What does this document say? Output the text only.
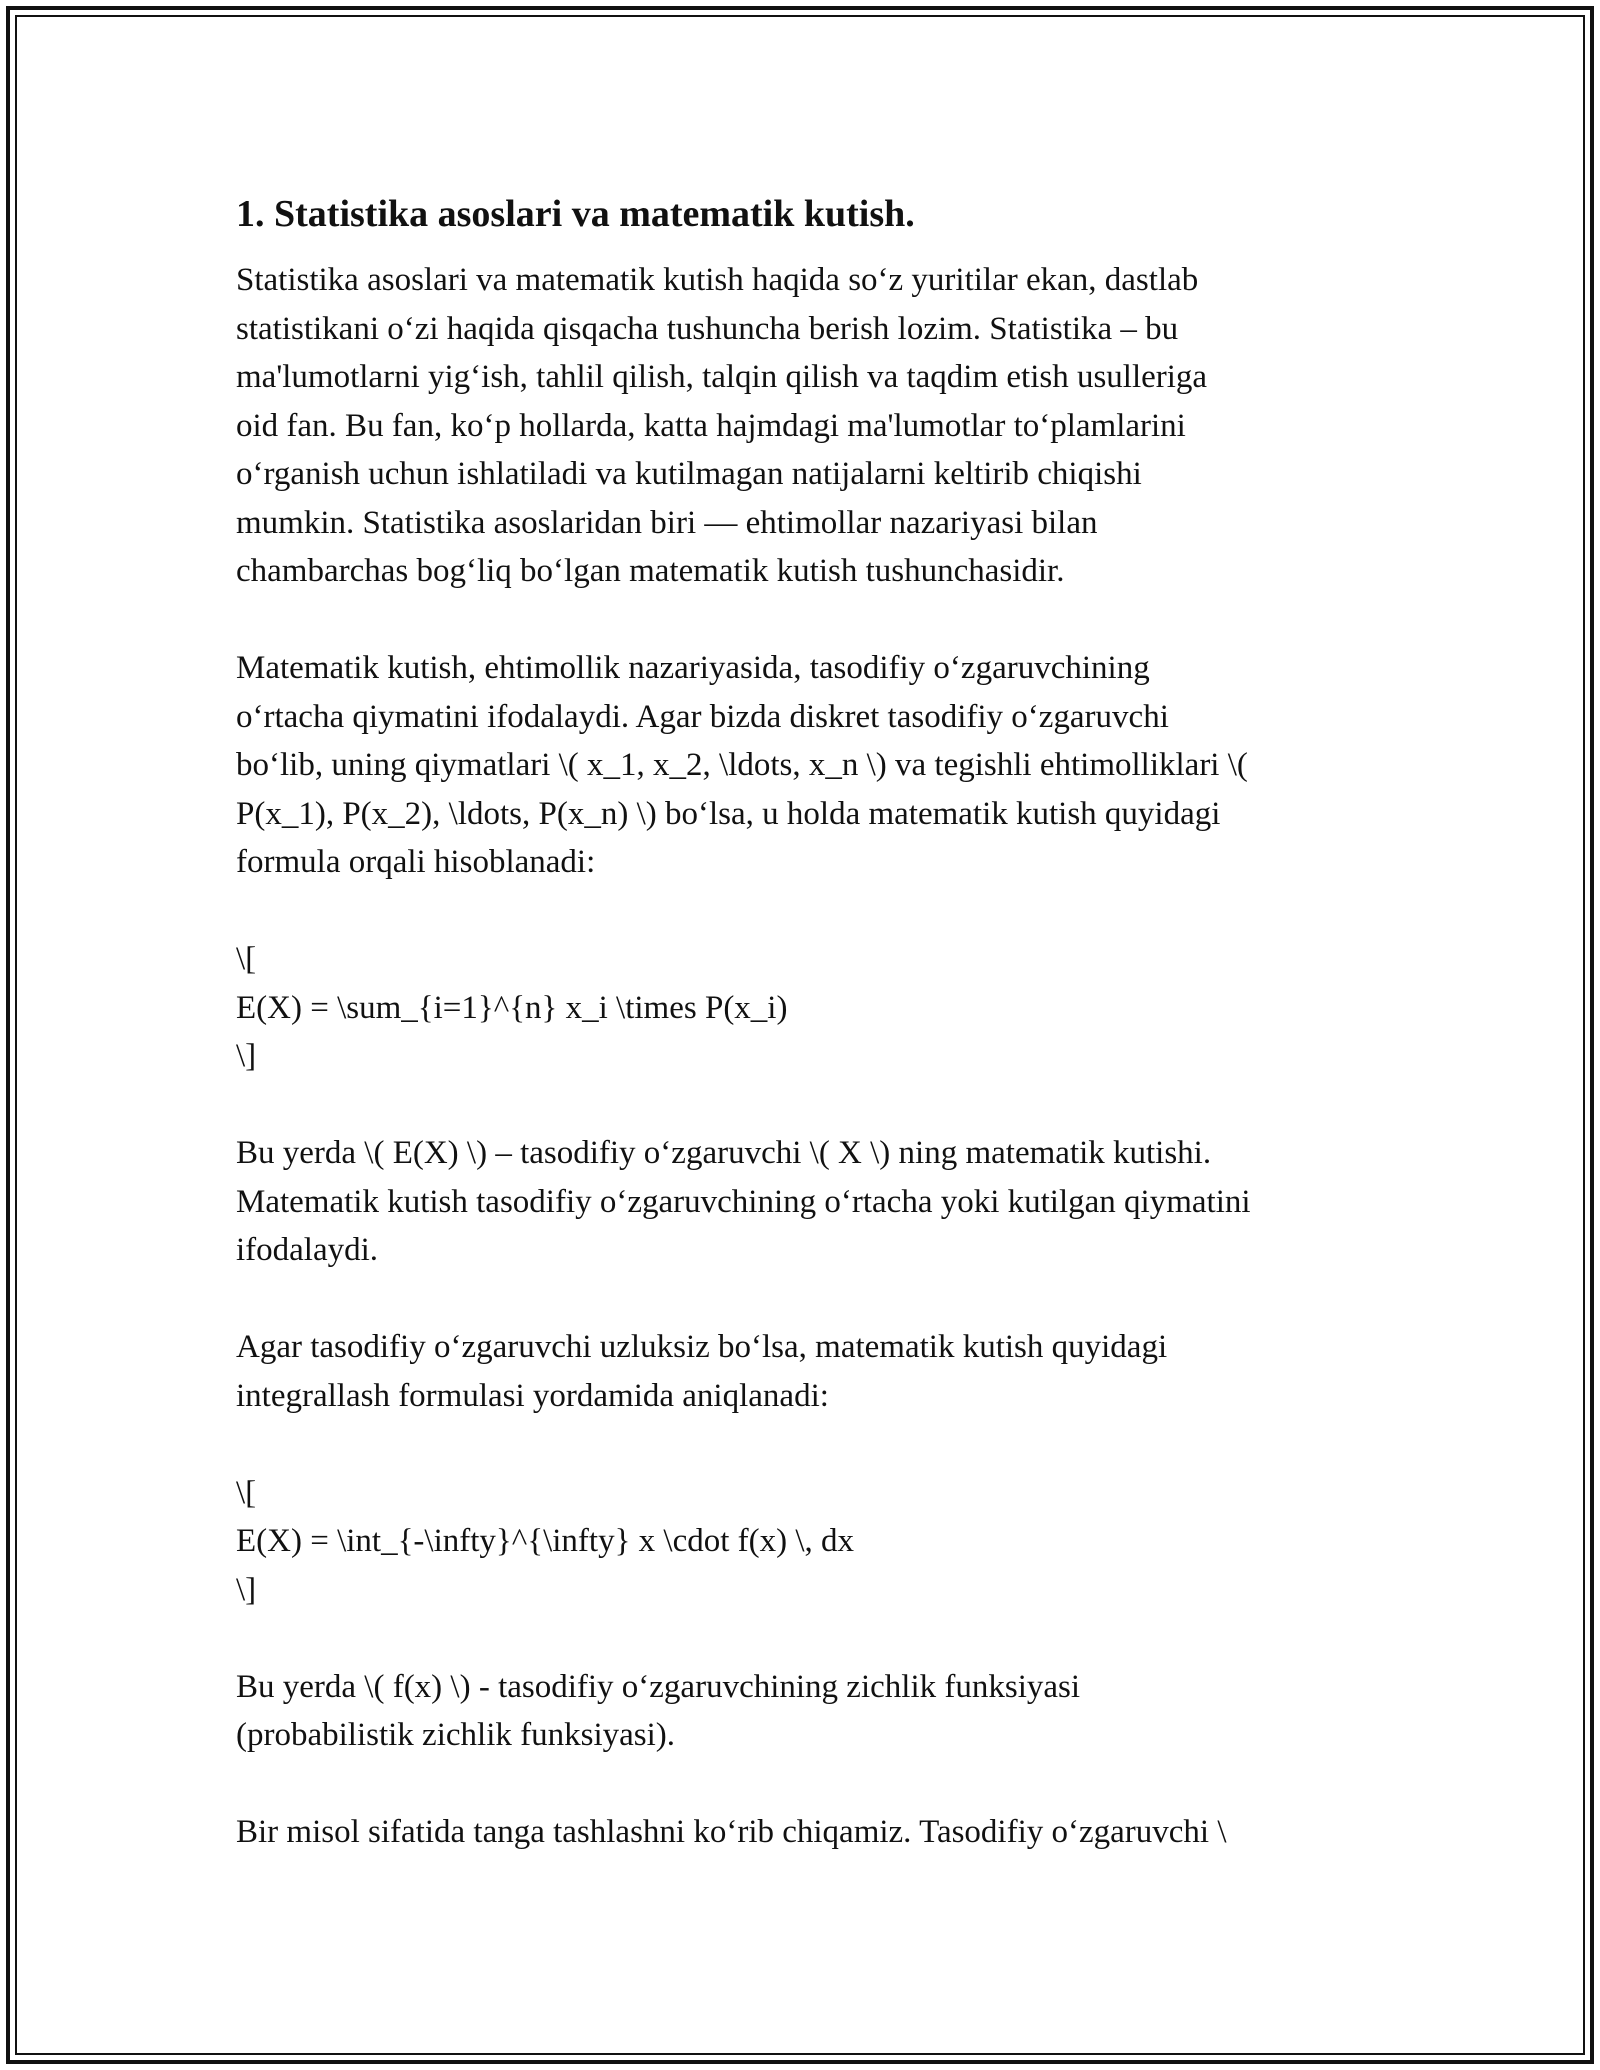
1. Statistika asoslari va matematik kutish.

Statistika asoslari va matematik kutish haqida so‘z yuritilar ekan, dastlab
statistikani o‘zi haqida qisqacha tushuncha berish lozim. Statistika – bu
ma'lumotlarni yig‘ish, tahlil qilish, talqin qilish va taqdim etish usulleriga
oid fan. Bu fan, ko‘p hollarda, katta hajmdagi ma'lumotlar to‘plamlarini
o‘rganish uchun ishlatiladi va kutilmagan natijalarni keltirib chiqishi
mumkin. Statistika asoslaridan biri — ehtimollar nazariyasi bilan
chambarchas bog‘liq bo‘lgan matematik kutish tushunchasidir.

Matematik kutish, ehtimollik nazariyasida, tasodifiy o‘zgaruvchining
o‘rtacha qiymatini ifodalaydi. Agar bizda diskret tasodifiy o‘zgaruvchi
bo‘lib, uning qiymatlari \( x_1, x_2, \ldots, x_n \) va tegishli ehtimolliklari \(
P(x_1), P(x_2), \ldots, P(x_n) \) bo‘lsa, u holda matematik kutish quyidagi
formula orqali hisoblanadi:

\[
E(X) = \sum_{i=1}^{n} x_i \times P(x_i)
\]

Bu yerda \( E(X) \) – tasodifiy o‘zgaruvchi \( X \) ning matematik kutishi.
Matematik kutish tasodifiy o‘zgaruvchining o‘rtacha yoki kutilgan qiymatini
ifodalaydi.

Agar tasodifiy o‘zgaruvchi uzluksiz bo‘lsa, matematik kutish quyidagi
integrallash formulasi yordamida aniqlanadi:

\[
E(X) = \int_{-\infty}^{\infty} x \cdot f(x) \, dx
\]

Bu yerda \( f(x) \) - tasodifiy o‘zgaruvchining zichlik funksiyasi
(probabilistik zichlik funksiyasi).

Bir misol sifatida tanga tashlashni ko‘rib chiqamiz. Tasodifiy o‘zgaruvchi \
